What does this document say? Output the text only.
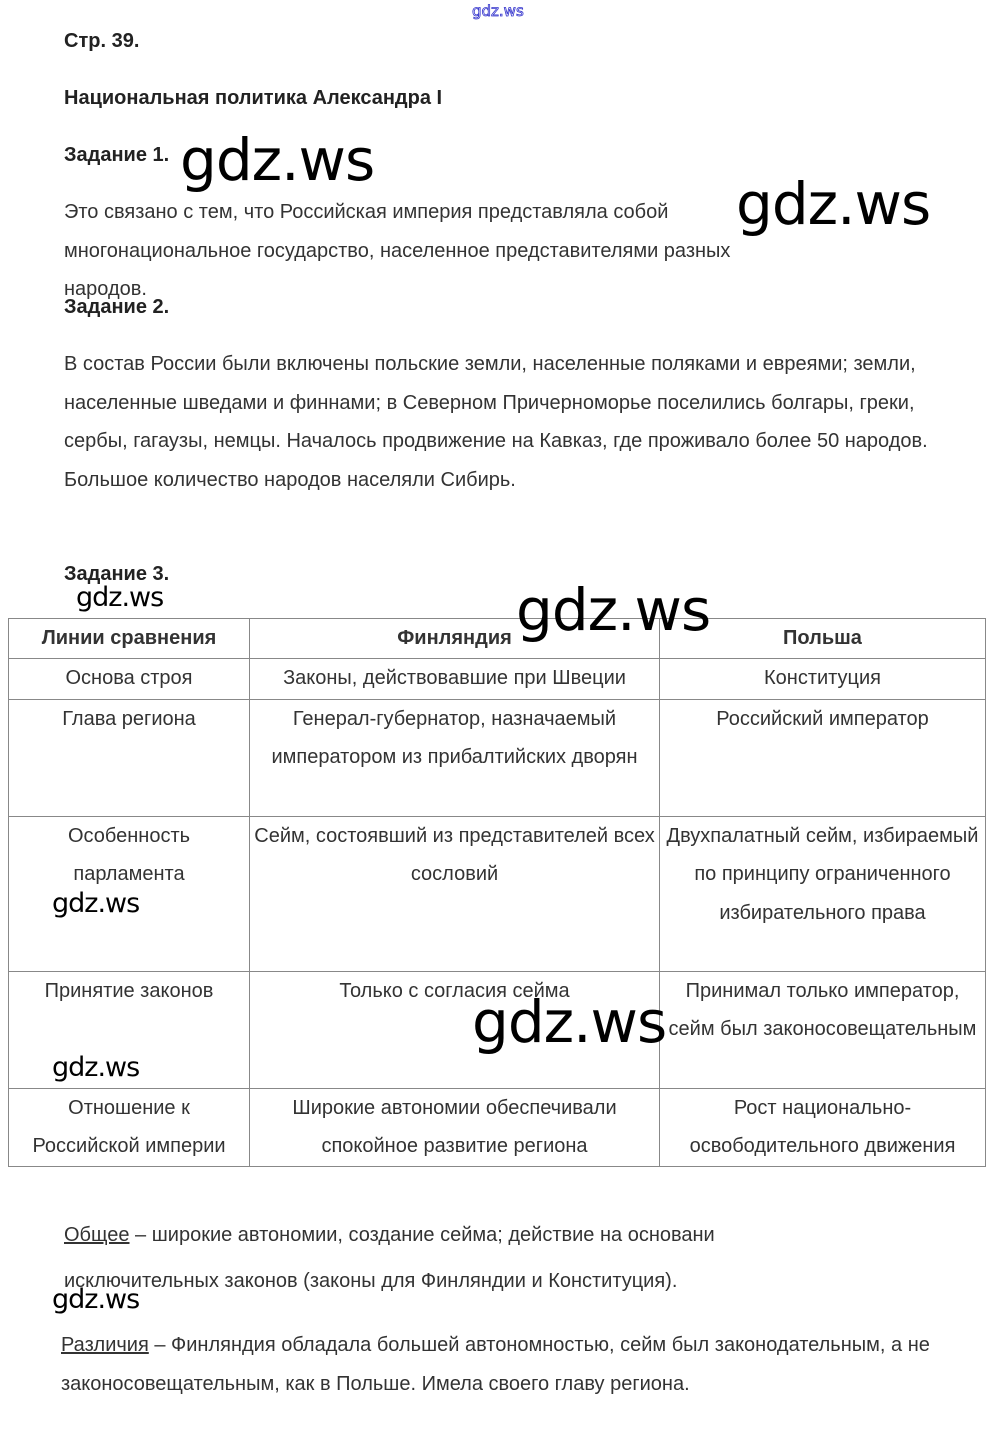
gdz.ws
Стр. 39.
Национальная политика Александра I
Задание 1.
Это связано с тем, что Российская империя представляла собой многонациональное государство, населенное представителями разных народов.
Задание 2.
В состав России были включены польские земли, населенные поляками и евреями; земли, населенные шведами и финнами; в Северном Причерноморье поселились болгары, греки, сербы, гагаузы, немцы. Началось продвижение на Кавказ, где проживало более 50 народов. Большое количество народов населяли Сибирь.
Задание 3.
Линии сравнения	Финляндия	Польша
Основа строя	Законы, действовавшие при Швеции	Конституция
Глава региона	Генерал-губернатор, назначаемый императором из прибалтийских дворян	Российский император
Особенность парламента	Сейм, состоявший из представителей всех сословий	Двухпалатный сейм, избираемый по принципу ограниченного избирательного права
Принятие законов	Только с согласия сейма	Принимал только император, сейм был законосовещательным
Отношение к Российской империи	Широкие автономии обеспечивали спокойное развитие региона	Рост национально-освободительного движения
Общее – широкие автономии, создание сейма; действие на основани
исключительных законов (законы для Финляндии и Конституция).
Различия – Финляндия обладала большей автономностью, сейм был законодательным, а не законосовещательным, как в Польше. Имела своего главу региона.
gdz.ws
gdz.ws
gdz.ws	gdz.ws
gdz.ws
gdz.ws
gdz.ws
gdz.ws
